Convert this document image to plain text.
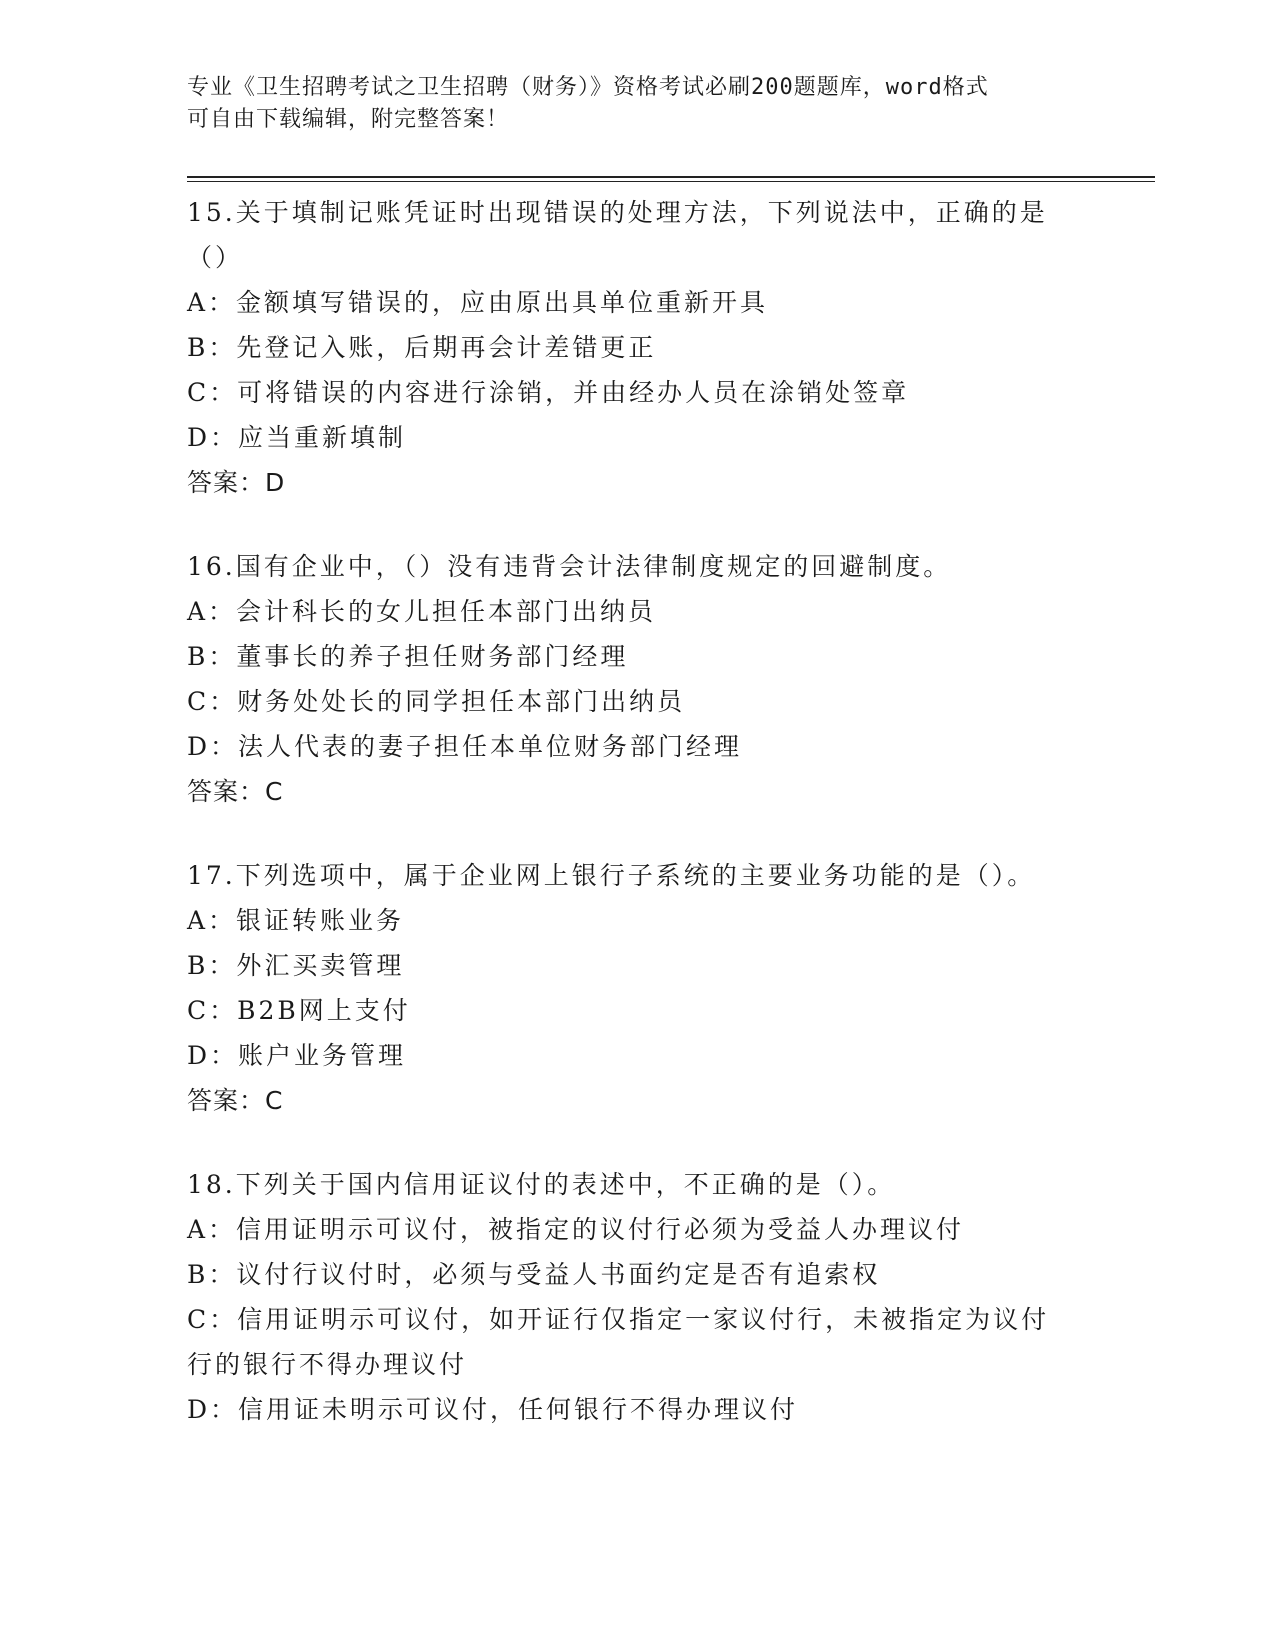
专业《卫生招聘考试之卫生招聘（财务）》资格考试必刷200题题库，word格式

可自由下载编辑，附完整答案！

15.关于填制记账凭证时出现错误的处理方法，下列说法中，正确的是
（）
A：金额填写错误的，应由原出具单位重新开具
B：先登记入账，后期再会计差错更正
C：可将错误的内容进行涂销，并由经办人员在涂销处签章
D：应当重新填制
答案：D
16.国有企业中，（）没有违背会计法律制度规定的回避制度。
A：会计科长的女儿担任本部门出纳员
B：董事长的养子担任财务部门经理
C：财务处处长的同学担任本部门出纳员
D：法人代表的妻子担任本单位财务部门经理
答案：C
17.下列选项中，属于企业网上银行子系统的主要业务功能的是（）。
A：银证转账业务
B：外汇买卖管理
C：B2B网上支付
D：账户业务管理
答案：C
18.下列关于国内信用证议付的表述中，不正确的是（）。
A：信用证明示可议付，被指定的议付行必须为受益人办理议付
B：议付行议付时，必须与受益人书面约定是否有追索权
C：信用证明示可议付，如开证行仅指定一家议付行，未被指定为议付
行的银行不得办理议付
D：信用证未明示可议付，任何银行不得办理议付
